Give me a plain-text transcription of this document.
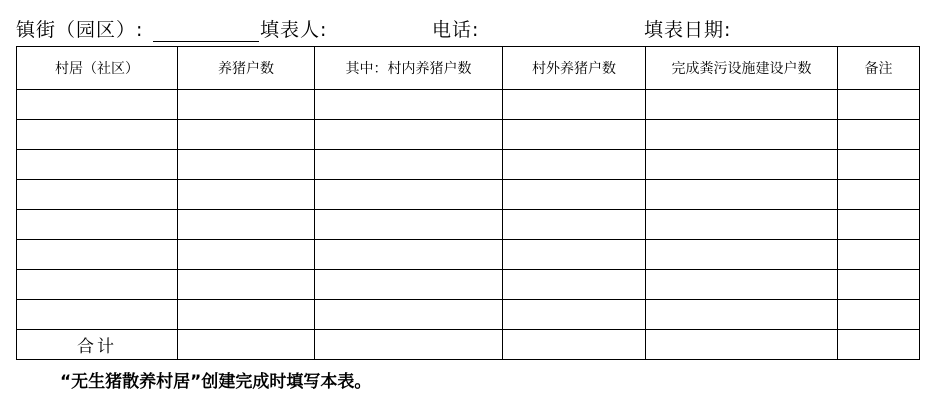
镇街（园区）:	填表人:	电话:	填表日期:
村居（社区）	养猪户数	其中：村内养猪户数	村外养猪户数	完成粪污设施建设户数	备注

合计					
“无生猪散养村居”创建完成时填写本表。
